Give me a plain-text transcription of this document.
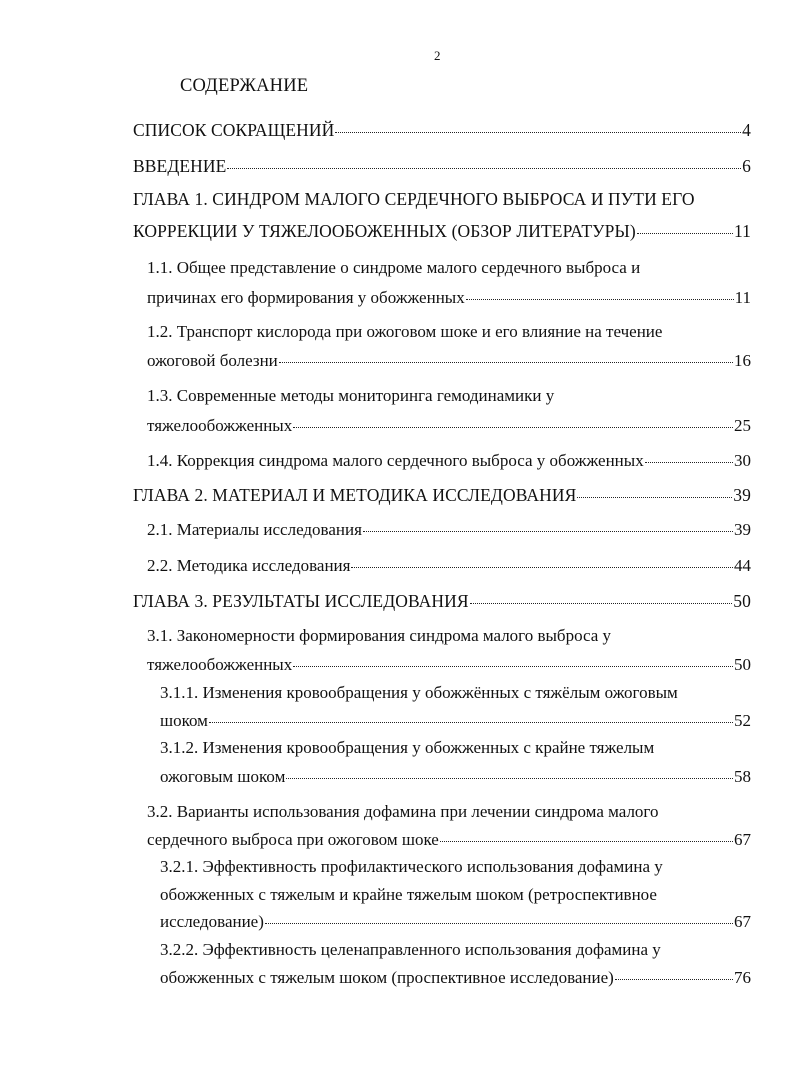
2
СОДЕРЖАНИЕ
СПИСОК СОКРАЩЕНИЙ	4
ВВЕДЕНИЕ	6
ГЛАВА 1. СИНДРОМ МАЛОГО СЕРДЕЧНОГО ВЫБРОСА И ПУТИ ЕГО
КОРРЕКЦИИ У ТЯЖЕЛООБОЖЕННЫХ (ОБЗОР ЛИТЕРАТУРЫ)	11
1.1. Общее представление о синдроме малого сердечного выброса и
причинах его формирования у обожженных	11
1.2. Транспорт кислорода при ожоговом шоке и его влияние на течение
ожоговой болезни	16
1.3. Современные методы мониторинга гемодинамики у
тяжелообожженных	25
1.4. Коррекция синдрома малого сердечного выброса у обожженных	30
ГЛАВА 2. МАТЕРИАЛ И МЕТОДИКА ИССЛЕДОВАНИЯ	39
2.1. Материалы исследования	39
2.2. Методика исследования	44
ГЛАВА 3. РЕЗУЛЬТАТЫ ИССЛЕДОВАНИЯ	50
3.1. Закономерности формирования синдрома малого выброса у
тяжелообожженных	50
3.1.1. Изменения кровообращения у обожжённых с тяжёлым ожоговым
шоком	52
3.1.2. Изменения кровообращения у обожженных с крайне тяжелым
ожоговым шоком	58
3.2. Варианты использования дофамина при лечении синдрома малого
сердечного выброса при ожоговом шоке	67
3.2.1. Эффективность профилактического использования дофамина у
обожженных с тяжелым и крайне тяжелым шоком (ретроспективное
исследование)	67
3.2.2. Эффективность целенаправленного использования дофамина у
обожженных с тяжелым шоком (проспективное исследование)	76
